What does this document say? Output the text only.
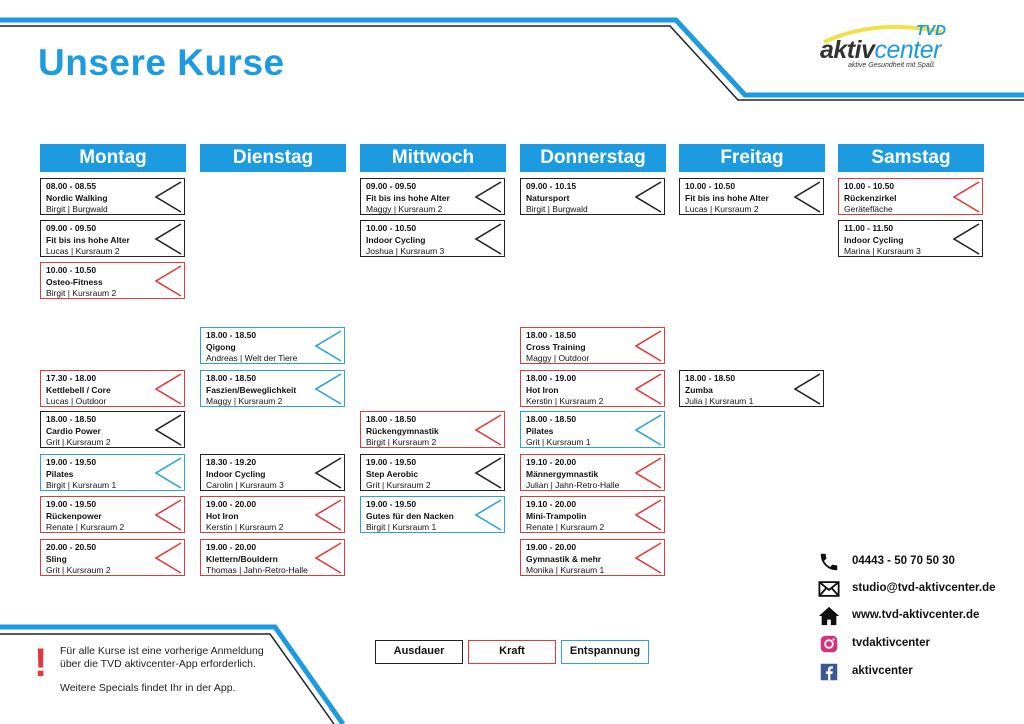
Unsere Kurse
TVD
aktivcenter
aktive Gesundheit mit Spaß
Montag
08.00 - 08.55
Nordic Walking
Birgit | Burgwald
09.00 - 09.50
Fit bis ins hohe Alter
Lucas | Kursraum 2
10.00 - 10.50
Osteo-Fitness
Birgit | Kursraum 2
17.30 - 18.00
Kettlebell / Core
Lucas | Outdoor
18.00 - 18.50
Cardio Power
Grit | Kursraum 2
19.00 - 19.50
Pilates
Birgit | Kursraum 1
19.00 - 19.50
Rückenpower
Renate | Kursraum 2
20.00 - 20.50
Sling
Grit | Kursraum 2
Dienstag
18.00 - 18.50
Qigong
Andreas | Welt der Tiere
18.00 - 18.50
Faszien/Beweglichkeit
Maggy | Kursraum 2
18.30 - 19.20
Indoor Cycling
Carolin | Kursraum 3
19.00 - 20.00
Hot Iron
Kerstin | Kursraum 2
19.00 - 20.00
Klettern/Bouldern
Thomas | Jahn-Retro-Halle
Mittwoch
09.00 - 09.50
Fit bis ins hohe Alter
Maggy | Kursraum 2
10.00 - 10.50
Indoor Cycling
Joshua | Kursraum 3
18.00 - 18.50
Rückengymnastik
Birgit | Kursraum 2
19.00 - 19.50
Step Aerobic
Grit | Kursraum 2
19.00 - 19.50
Gutes für den Nacken
Birgit | Kursraum 1
Donnerstag
09.00 - 10.15
Natursport
Birgit | Burgwald
18.00 - 18.50
Cross Training
Maggy | Outdoor
18.00 - 19.00
Hot Iron
Kerstin | Kursraum 2
18.00 - 18.50
Pilates
Grit | Kursraum 1
19.10 - 20.00
Männergymnastik
Julian | Jahn-Retro-Halle
19.10 - 20.00
Mini-Trampolin
Renate | Kursraum 2
19.00 - 20.00
Gymnastik & mehr
Monika | Kursraum 1
Freitag
10.00 - 10.50
Fit bis ins hohe Alter
Lucas | Kursraum 2
18.00 - 18.50
Zumba
Julia | Kursraum 1
Samstag
10.00 - 10.50
Rückenzirkel
Gerätefläche
11.00 - 11.50
Indoor Cycling
Marina | Kursraum 3
04443 - 50 70 50 30
studio@tvd-aktivcenter.de
www.tvd-aktivcenter.de
tvdaktivcenter
aktivcenter
Ausdauer	Kraft	Entspannung
! Für alle Kurse ist eine vorherige Anmeldung
über die TVD aktivcenter-App erforderlich.
Weitere Specials findet Ihr in der App.
